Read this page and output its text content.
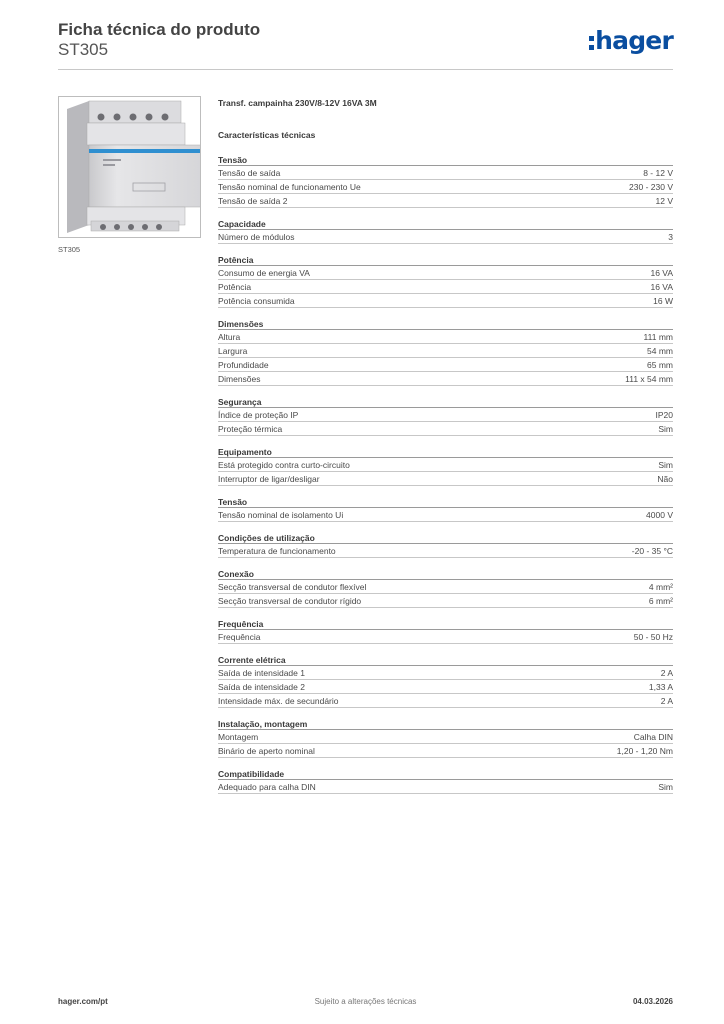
Ficha técnica do produto
ST305	hager
ST305
Transf. campainha 230V/8-12V 16VA 3M
Características técnicas
Tensão
Tensão de saída	8 - 12 V
Tensão nominal de funcionamento Ue	230 - 230 V
Tensão de saída 2	12 V
Capacidade
Número de módulos	3
Potência
Consumo de energia VA	16 VA
Potência	16 VA
Potência consumida	16 W
Dimensões
Altura	111 mm
Largura	54 mm
Profundidade	65 mm
Dimensões	111 x 54 mm
Segurança
Índice de proteção IP	IP20
Proteção térmica	Sim
Equipamento
Está protegido contra curto-circuito	Sim
Interruptor de ligar/desligar	Não
Tensão
Tensão nominal de isolamento Ui	4000 V
Condições de utilização
Temperatura de funcionamento	-20 - 35 °C
Conexão
Secção transversal de condutor flexível	4 mm²
Secção transversal de condutor rígido	6 mm²
Frequência
Frequência	50 - 50 Hz
Corrente elétrica
Saída de intensidade 1	2 A
Saída de intensidade 2	1,33 A
Intensidade máx. de secundário	2 A
Instalação, montagem
Montagem	Calha DIN
Binário de aperto nominal	1,20 - 1,20 Nm
Compatibilidade
Adequado para calha DIN	Sim
hager.com/pt	Sujeito a alterações técnicas	04.03.2026
